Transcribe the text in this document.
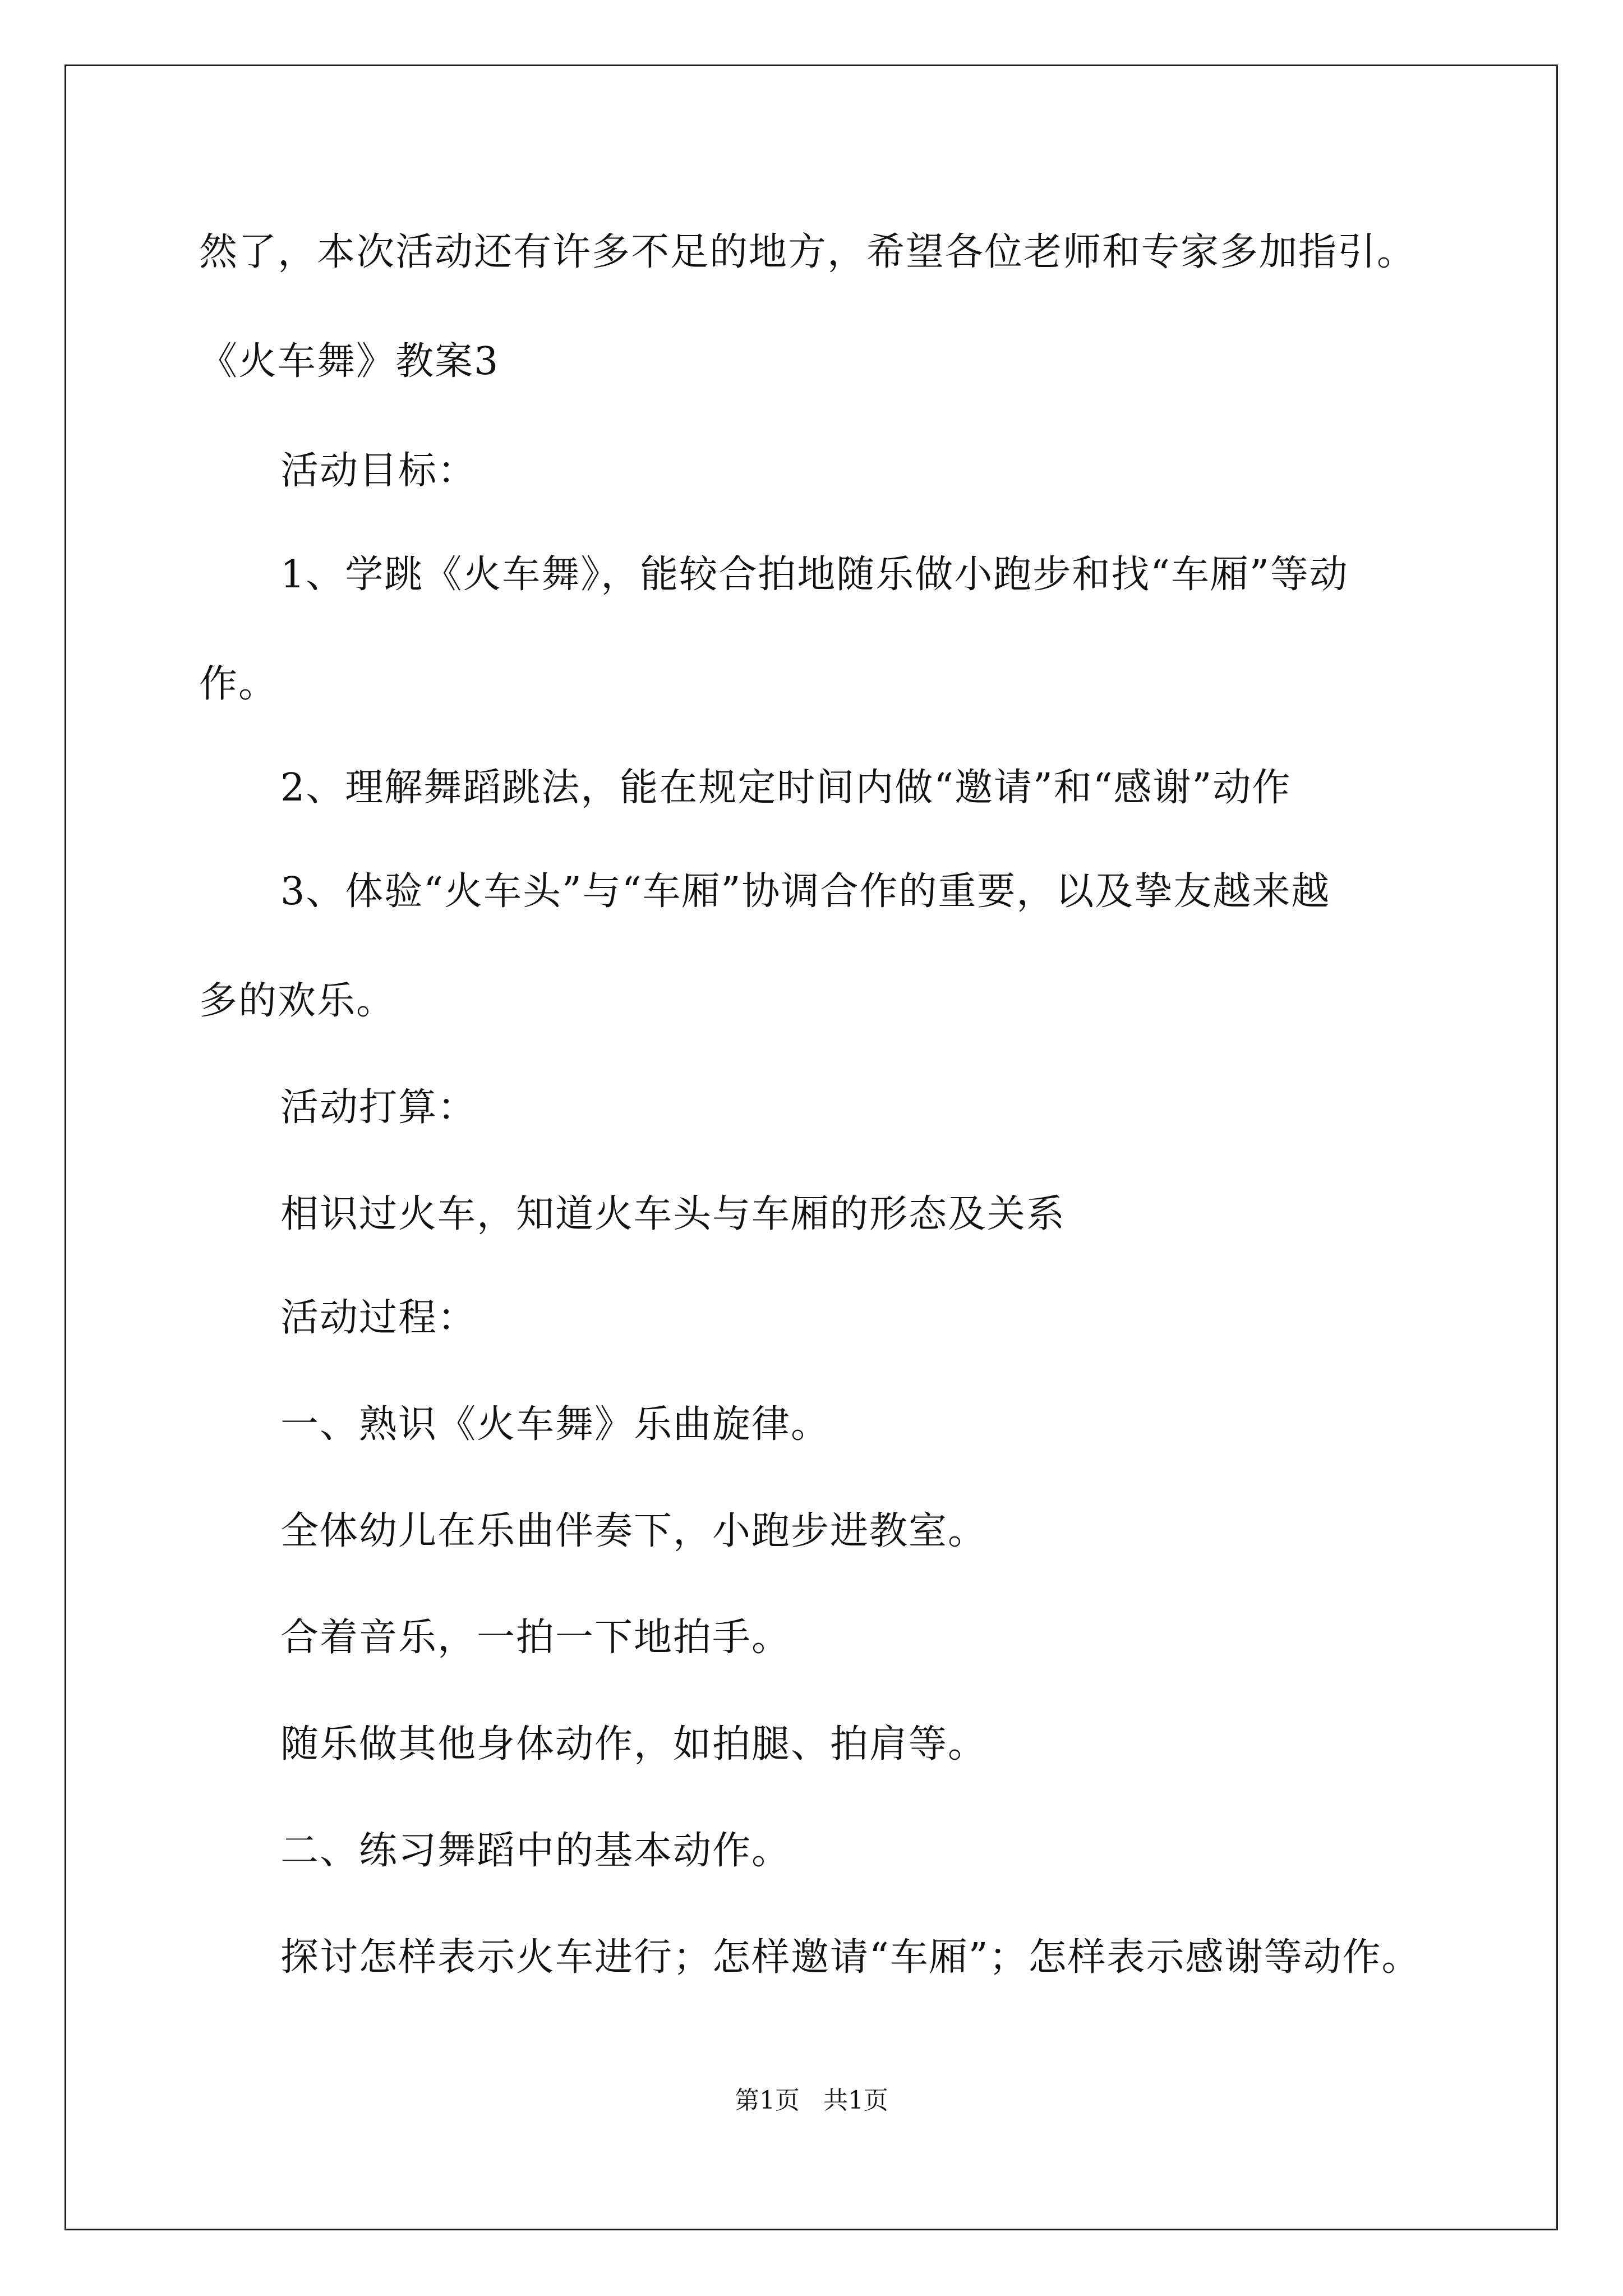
然了，本次活动还有许多不足的地方，希望各位老师和专家多加指引。
《火车舞》教案3
活动目标：
1、学跳《火车舞》，能较合拍地随乐做小跑步和找“车厢”等动
作。
2、理解舞蹈跳法，能在规定时间内做“邀请”和“感谢”动作
3、体验“火车头”与“车厢”协调合作的重要，以及挚友越来越
多的欢乐。
活动打算：
相识过火车，知道火车头与车厢的形态及关系
活动过程：
一、熟识《火车舞》乐曲旋律。
全体幼儿在乐曲伴奏下，小跑步进教室。
合着音乐，一拍一下地拍手。
随乐做其他身体动作，如拍腿、拍肩等。
二、练习舞蹈中的基本动作。
探讨怎样表示火车进行；怎样邀请“车厢”；怎样表示感谢等动作。
第1页 共1页
